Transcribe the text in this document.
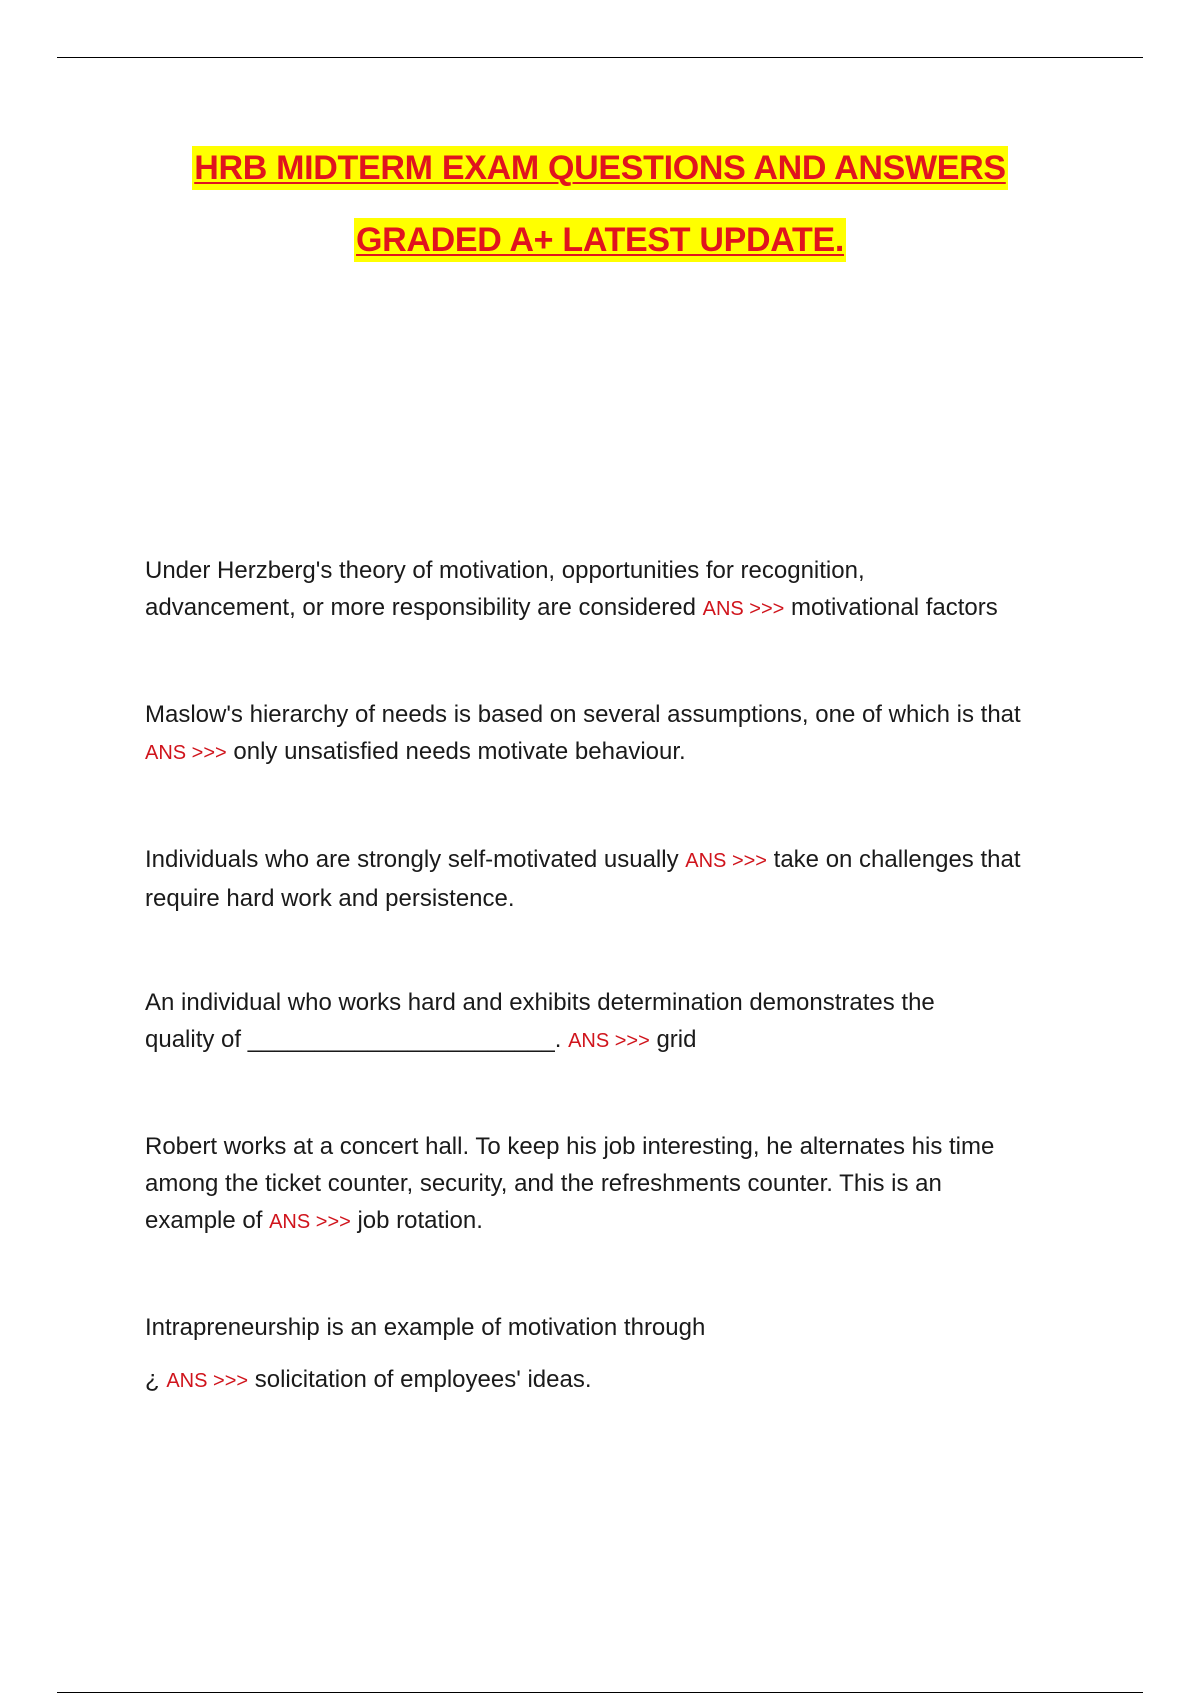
HRB MIDTERM EXAM QUESTIONS AND ANSWERS
GRADED A+ LATEST UPDATE.

Under Herzberg's theory of motivation, opportunities for recognition,
advancement, or more responsibility are considered ANS >>> motivational factors

Maslow's hierarchy of needs is based on several assumptions, one of which is that
ANS >>> only unsatisfied needs motivate behaviour.

Individuals who are strongly self-motivated usually ANS >>> take on challenges that
require hard work and persistence.

An individual who works hard and exhibits determination demonstrates the
quality of _______________________. ANS >>> grid

Robert works at a concert hall. To keep his job interesting, he alternates his time
among the ticket counter, security, and the refreshments counter. This is an
example of ANS >>> job rotation.

Intrapreneurship is an example of motivation through

¿ ANS >>> solicitation of employees' ideas.
